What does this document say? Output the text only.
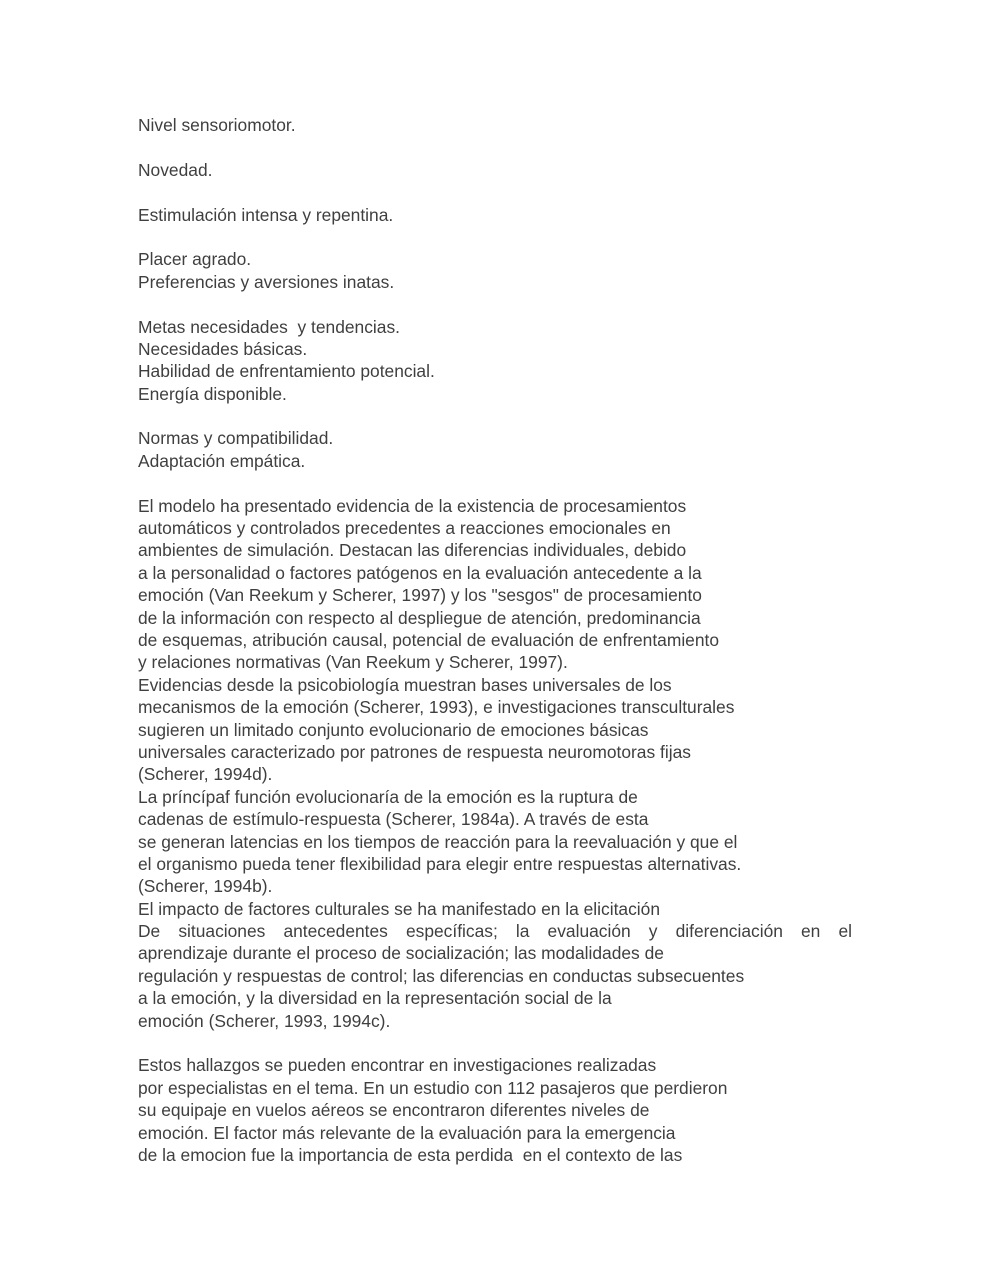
Nivel sensoriomotor.
Novedad.
Estimulación intensa y repentina.
Placer agrado.
Preferencias y aversiones inatas.
Metas necesidades  y tendencias.
Necesidades básicas.
Habilidad de enfrentamiento potencial.
Energía disponible.
Normas y compatibilidad.
Adaptación empática.
El modelo ha presentado evidencia de la existencia de procesamientos
automáticos y controlados precedentes a reacciones emocionales en
ambientes de simulación. Destacan las diferencias individuales, debido
a la personalidad o factores patógenos en la evaluación antecedente a la
emoción (Van Reekum y Scherer, 1997) y los "sesgos" de procesamiento
de la información con respecto al despliegue de atención, predominancia
de esquemas, atribución causal, potencial de evaluación de enfrentamiento
y relaciones normativas (Van Reekum y Scherer, 1997).
Evidencias desde la psicobiología muestran bases universales de los
mecanismos de la emoción (Scherer, 1993), e investigaciones transculturales
sugieren un limitado conjunto evolucionario de emociones básicas
universales caracterizado por patrones de respuesta neuromotoras fijas
(Scherer, 1994d).
La príncípaf función evolucionaría de la emoción es la ruptura de
cadenas de estímulo-respuesta (Scherer, 1984a). A través de esta
se generan latencias en los tiempos de reacción para la reevaluación y que el
el organismo pueda tener flexibilidad para elegir entre respuestas alternativas.
(Scherer, 1994b).
El impacto de factores culturales se ha manifestado en la elicitación
De situaciones antecedentes específicas; la evaluación y diferenciación en el
aprendizaje durante el proceso de socialización; las modalidades de
regulación y respuestas de control; las diferencias en conductas subsecuentes
a la emoción, y la diversidad en la representación social de la
emoción (Scherer, 1993, 1994c).
Estos hallazgos se pueden encontrar en investigaciones realizadas
por especialistas en el tema. En un estudio con 112 pasajeros que perdieron
su equipaje en vuelos aéreos se encontraron diferentes niveles de
emoción. El factor más relevante de la evaluación para la emergencia
de la emocion fue la importancia de esta perdida  en el contexto de las
